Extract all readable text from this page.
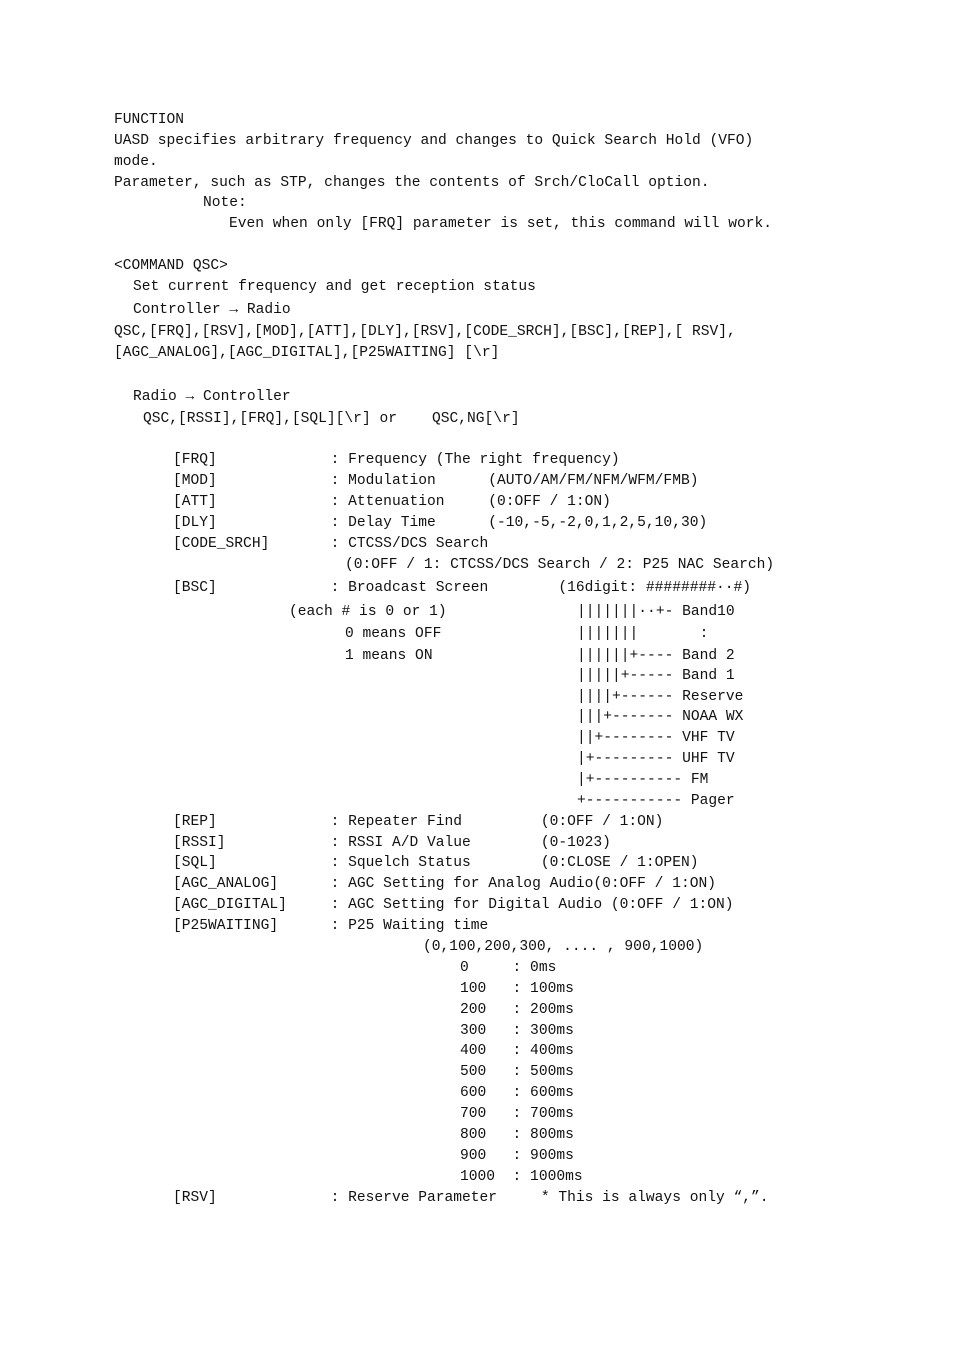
FUNCTION
UASD specifies arbitrary frequency and changes to Quick Search Hold (VFO)
mode.
Parameter, such as STP, changes the contents of Srch/CloCall option.
Note:
Even when only [FRQ] parameter is set, this command will work.
<COMMAND QSC>
Set current frequency and get reception status
Controller → Radio
QSC,[FRQ],[RSV],[MOD],[ATT],[DLY],[RSV],[CODE_SRCH],[BSC],[REP],[ RSV],
[AGC_ANALOG],[AGC_DIGITAL],[P25WAITING] [\r]
Radio → Controller
QSC,[RSSI],[FRQ],[SQL][\r] or    QSC,NG[\r]
[FRQ]             : Frequency (The right frequency)
[MOD]             : Modulation      (AUTO/AM/FM/NFM/WFM/FMB)
[ATT]             : Attenuation     (0:OFF / 1:ON)
[DLY]             : Delay Time      (-10,-5,-2,0,1,2,5,10,30)
[CODE_SRCH]       : CTCSS/DCS Search
(0:OFF / 1: CTCSS/DCS Search / 2: P25 NAC Search)
[BSC]             : Broadcast Screen        (16digit: ########··#)
(each # is 0 or 1)	|||||||··+- Band10
0 means OFF	|||||||       :
1 means ON	||||||+---- Band 2
|||||+----- Band 1
||||+------ Reserve
|||+------- NOAA WX
||+-------- VHF TV
|+--------- UHF TV
|+---------- FM
+----------- Pager
[REP]             : Repeater Find         (0:OFF / 1:ON)
[RSSI]            : RSSI A/D Value        (0-1023)
[SQL]             : Squelch Status        (0:CLOSE / 1:OPEN)
[AGC_ANALOG]      : AGC Setting for Analog Audio(0:OFF / 1:ON)
[AGC_DIGITAL]     : AGC Setting for Digital Audio (0:OFF / 1:ON)
[P25WAITING]      : P25 Waiting time
(0,100,200,300, .... , 900,1000)
0     : 0ms
100   : 100ms
200   : 200ms
300   : 300ms
400   : 400ms
500   : 500ms
600   : 600ms
700   : 700ms
800   : 800ms
900   : 900ms
1000  : 1000ms
[RSV]             : Reserve Parameter     * This is always only “,”.
